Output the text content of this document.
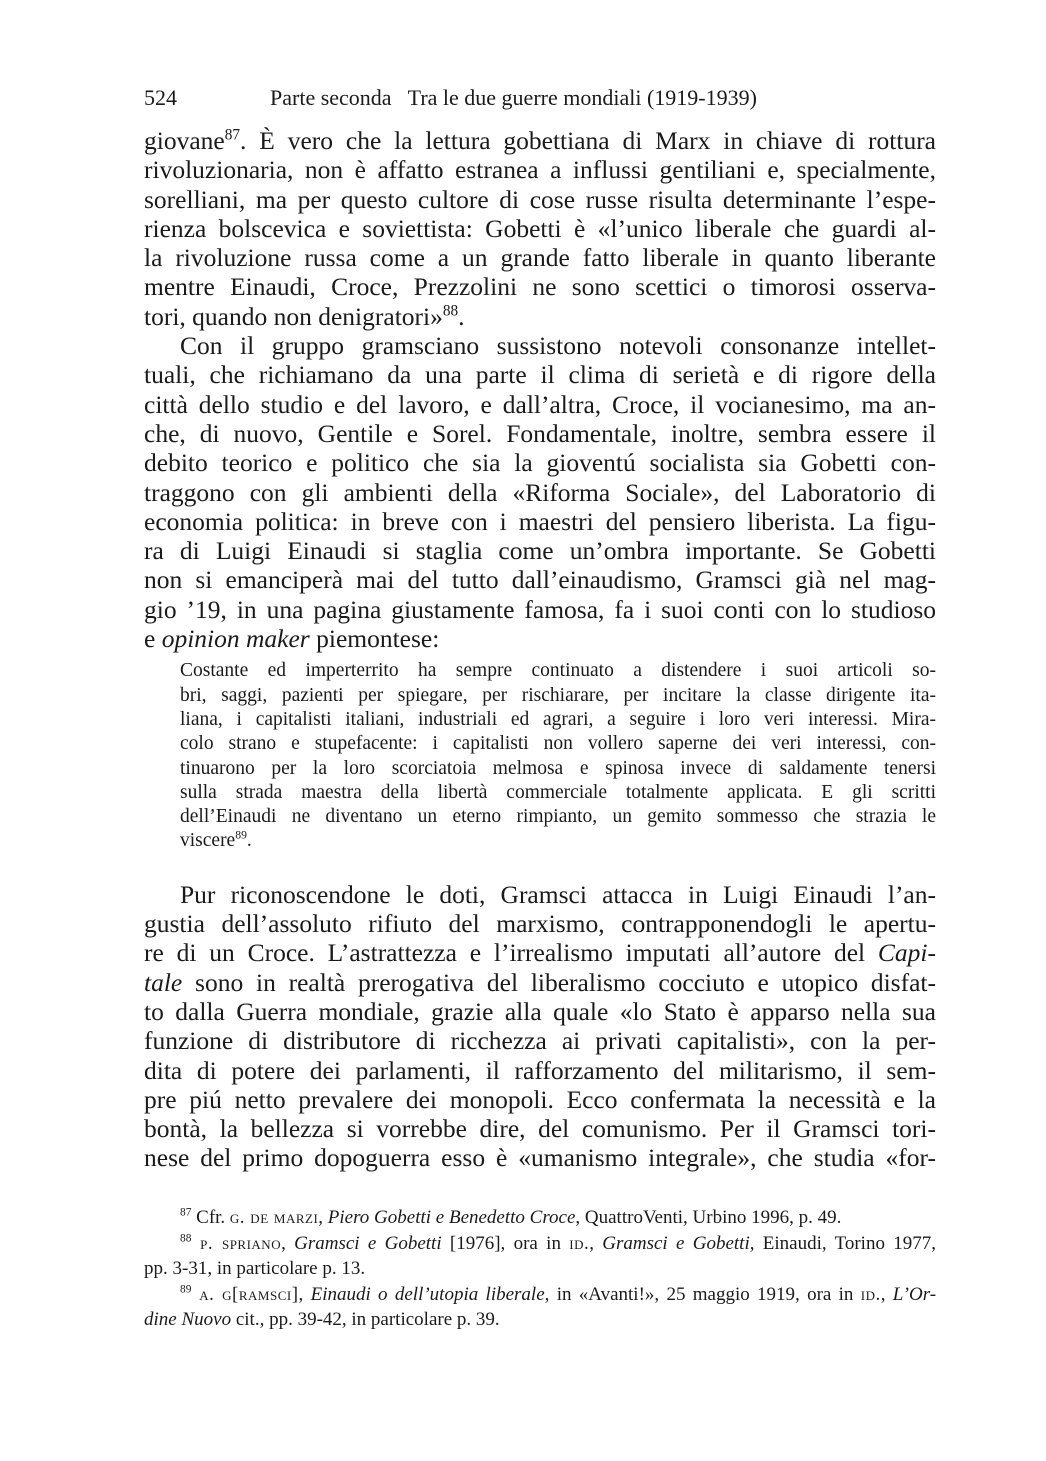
524	Parte seconda   Tra le due guerre mondiali (1919-1939)
giovane$^{87}$. È vero che la lettura gobettiana di Marx in chiave di rottura
rivoluzionaria, non è affatto estranea a influssi gentiliani e, specialmente,
sorelliani, ma per questo cultore di cose russe risulta determinante l’espe-
rienza bolscevica e soviettista: Gobetti è «l’unico liberale che guardi al-
la rivoluzione russa come a un grande fatto liberale in quanto liberante
mentre Einaudi, Croce, Prezzolini ne sono scettici o timorosi osserva-
tori, quando non denigratori»$^{88}$.
Con il gruppo gramsciano sussistono notevoli consonanze intellet-
tuali, che richiamano da una parte il clima di serietà e di rigore della
città dello studio e del lavoro, e dall’altra, Croce, il vocianesimo, ma an-
che, di nuovo, Gentile e Sorel. Fondamentale, inoltre, sembra essere il
debito teorico e politico che sia la gioventú socialista sia Gobetti con-
traggono con gli ambienti della «Riforma Sociale», del Laboratorio di
economia politica: in breve con i maestri del pensiero liberista. La figu-
ra di Luigi Einaudi si staglia come un’ombra importante. Se Gobetti
non si emanciperà mai del tutto dall’einaudismo, Gramsci già nel mag-
gio ’19, in una pagina giustamente famosa, fa i suoi conti con lo studioso
e opinion maker piemontese:
Costante ed imperterrito ha sempre continuato a distendere i suoi articoli so-
bri, saggi, pazienti per spiegare, per rischiarare, per incitare la classe dirigente ita-
liana, i capitalisti italiani, industriali ed agrari, a seguire i loro veri interessi. Mira-
colo strano e stupefacente: i capitalisti non vollero saperne dei veri interessi, con-
tinuarono per la loro scorciatoia melmosa e spinosa invece di saldamente tenersi
sulla strada maestra della libertà commerciale totalmente applicata. E gli scritti
dell’Einaudi ne diventano un eterno rimpianto, un gemito sommesso che strazia le
viscere$^{89}$.
Pur riconoscendone le doti, Gramsci attacca in Luigi Einaudi l’an-
gustia dell’assoluto rifiuto del marxismo, contrapponendogli le apertu-
re di un Croce. L’astrattezza e l’irrealismo imputati all’autore del Capi-
tale sono in realtà prerogativa del liberalismo cocciuto e utopico disfat-
to dalla Guerra mondiale, grazie alla quale «lo Stato è apparso nella sua
funzione di distributore di ricchezza ai privati capitalisti», con la per-
dita di potere dei parlamenti, il rafforzamento del militarismo, il sem-
pre piú netto prevalere dei monopoli. Ecco confermata la necessità e la
bontà, la bellezza si vorrebbe dire, del comunismo. Per il Gramsci tori-
nese del primo dopoguerra esso è «umanismo integrale», che studia «for-
$^{87}$ Cfr. g. de marzi, Piero Gobetti e Benedetto Croce, QuattroVenti, Urbino 1996, p. 49.
$^{88}$ p. spriano, Gramsci e Gobetti [1976], ora in id., Gramsci e Gobetti, Einaudi, Torino 1977,
pp. 3-31, in particolare p. 13.
$^{89}$ a. g[ramsci], Einaudi o dell’utopia liberale, in «Avanti!», 25 maggio 1919, ora in id., L’Or-
dine Nuovo cit., pp. 39-42, in particolare p. 39.
